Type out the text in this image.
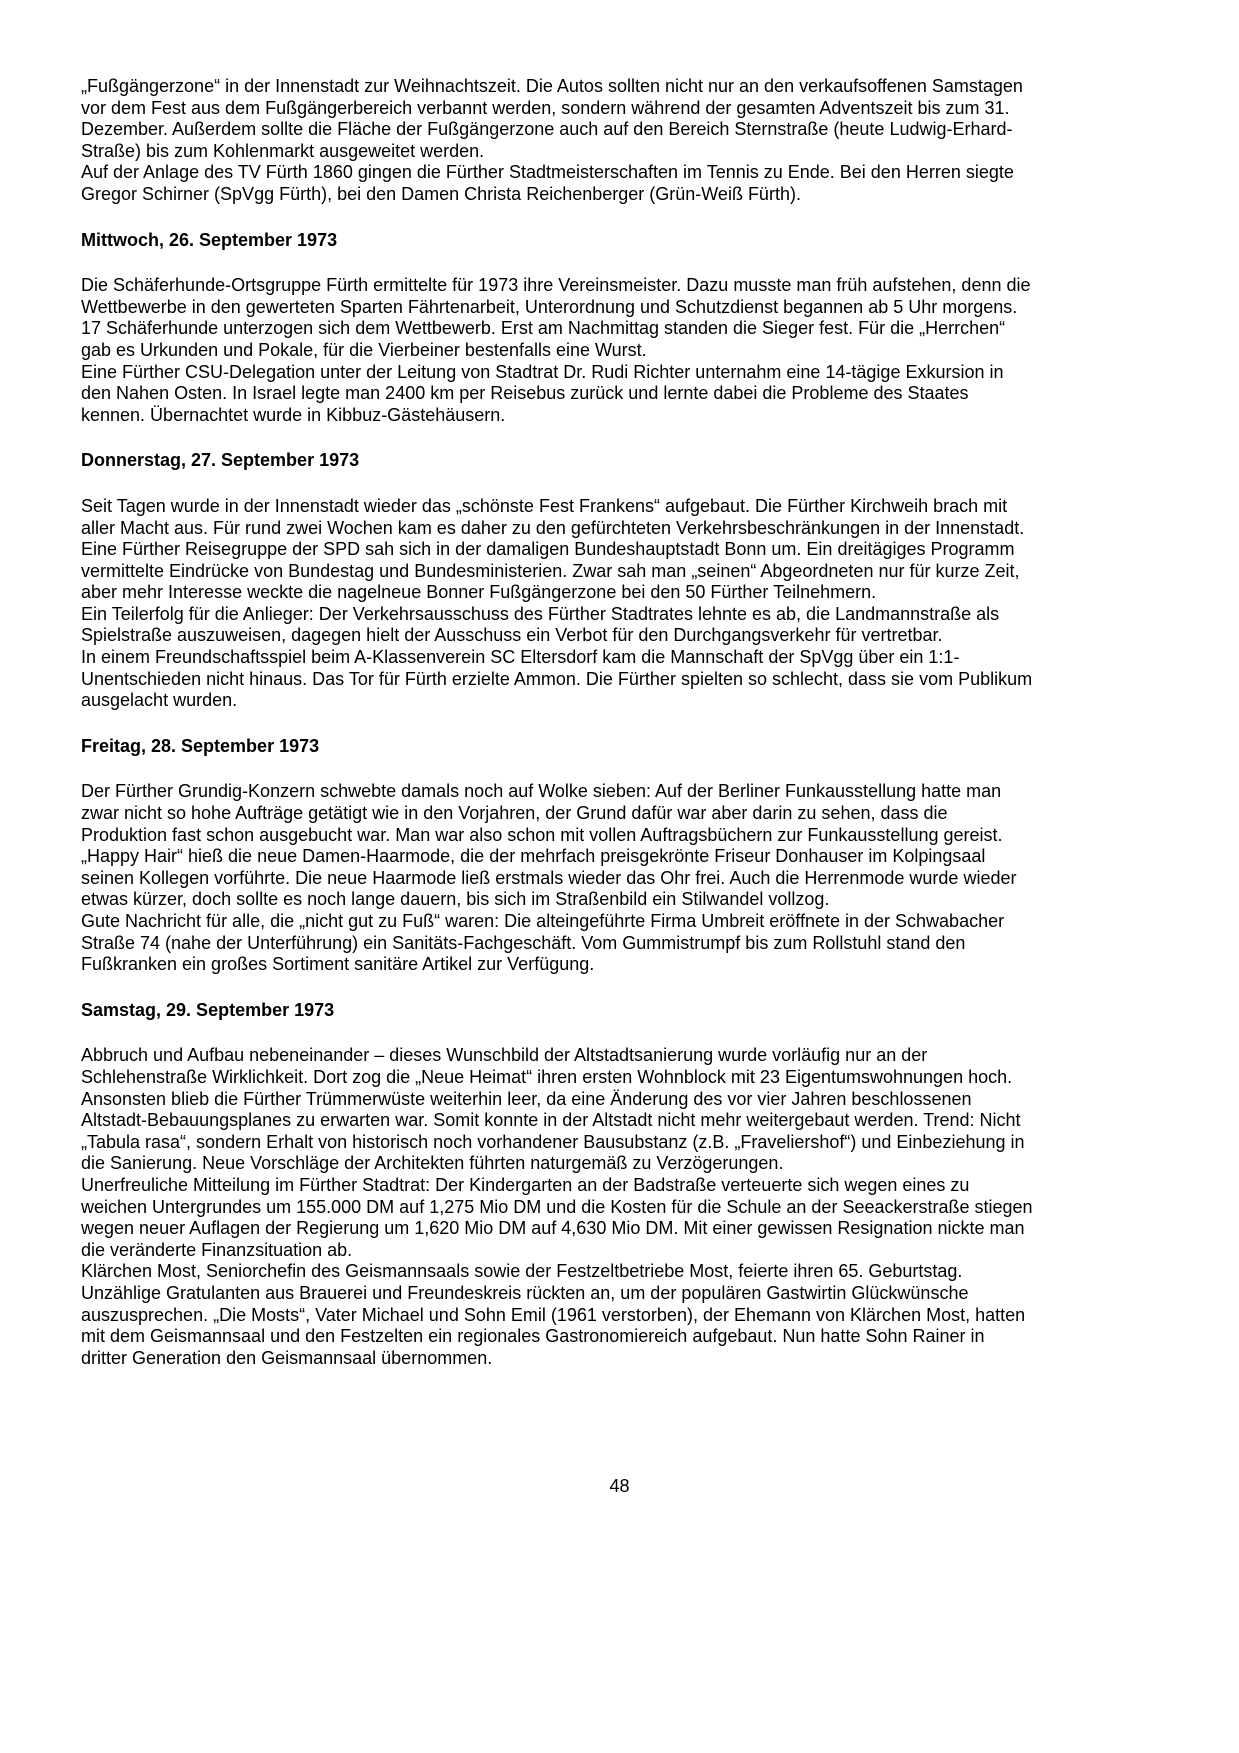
„Fußgängerzone“ in der Innenstadt zur Weihnachtszeit. Die Autos sollten nicht nur an den verkaufsoffenen Samstagen vor dem Fest aus dem Fußgängerbereich verbannt werden, sondern während der gesamten Adventszeit bis zum 31. Dezember. Außerdem sollte die Fläche der Fußgängerzone auch auf den Bereich Sternstraße (heute Ludwig-Erhard-Straße) bis zum Kohlenmarkt ausgeweitet werden.
Auf der Anlage des TV Fürth 1860 gingen die Fürther Stadtmeisterschaften im Tennis zu Ende. Bei den Herren siegte Gregor Schirner (SpVgg Fürth), bei den Damen Christa Reichenberger (Grün-Weiß Fürth).
Mittwoch, 26. September 1973
Die Schäferhunde-Ortsgruppe Fürth ermittelte für 1973 ihre Vereinsmeister. Dazu musste man früh aufstehen, denn die Wettbewerbe in den gewerteten Sparten Fährtenarbeit, Unterordnung und Schutzdienst begannen ab 5 Uhr morgens. 17 Schäferhunde unterzogen sich dem Wettbewerb. Erst am Nachmittag standen die Sieger fest. Für die „Herrchen“ gab es Urkunden und Pokale, für die Vierbeiner bestenfalls eine Wurst.
Eine Fürther CSU-Delegation unter der Leitung von Stadtrat Dr. Rudi Richter unternahm eine 14-tägige Exkursion in den Nahen Osten. In Israel legte man 2400 km per Reisebus zurück und lernte dabei die Probleme des Staates kennen. Übernachtet wurde in Kibbuz-Gästehäusern.
Donnerstag, 27. September 1973
Seit Tagen wurde in der Innenstadt wieder das „schönste Fest Frankens“ aufgebaut. Die Fürther Kirchweih brach mit aller Macht aus. Für rund zwei Wochen kam es daher zu den gefürchteten Verkehrsbeschränkungen in der Innenstadt.
Eine Fürther Reisegruppe der SPD sah sich in der damaligen Bundeshauptstadt Bonn um. Ein dreitägiges Programm vermittelte Eindrücke von Bundestag und Bundesministerien. Zwar sah man „seinen“ Abgeordneten nur für kurze Zeit, aber mehr Interesse weckte die nagelneue Bonner Fußgängerzone bei den 50 Fürther Teilnehmern.
Ein Teilerfolg für die Anlieger: Der Verkehrsausschuss des Fürther Stadtrates lehnte es ab, die Landmannstraße als Spielstraße auszuweisen, dagegen hielt der Ausschuss ein Verbot für den Durchgangsverkehr für vertretbar.
In einem Freundschaftsspiel beim A-Klassenverein SC Eltersdorf kam die Mannschaft der SpVgg über ein 1:1-Unentschieden nicht hinaus. Das Tor für Fürth erzielte Ammon. Die Fürther spielten so schlecht, dass sie vom Publikum ausgelacht wurden.
Freitag, 28. September 1973
Der Fürther Grundig-Konzern schwebte damals noch auf Wolke sieben: Auf der Berliner Funkausstellung hatte man zwar nicht so hohe Aufträge getätigt wie in den Vorjahren, der Grund dafür war aber darin zu sehen, dass die Produktion fast schon ausgebucht war. Man war also schon mit vollen Auftragsbüchern zur Funkausstellung gereist.
„Happy Hair“ hieß die neue Damen-Haarmode, die der mehrfach preisgekrönte Friseur Donhauser im Kolpingsaal seinen Kollegen vorführte. Die neue Haarmode ließ erstmals wieder das Ohr frei. Auch die Herrenmode wurde wieder etwas kürzer, doch sollte es noch lange dauern, bis sich im Straßenbild ein Stilwandel vollzog.
Gute Nachricht für alle, die „nicht gut zu Fuß“ waren: Die alteingeführte Firma Umbreit eröffnete in der Schwabacher Straße 74 (nahe der Unterführung) ein Sanitäts-Fachgeschäft. Vom Gummistrumpf bis zum Rollstuhl stand den Fußkranken ein großes Sortiment sanitäre Artikel zur Verfügung.
Samstag, 29. September 1973
Abbruch und Aufbau nebeneinander – dieses Wunschbild der Altstadtsanierung wurde vorläufig nur an der Schlehenstraße Wirklichkeit. Dort zog die „Neue Heimat“ ihren ersten Wohnblock mit 23 Eigentumswohnungen hoch. Ansonsten blieb die Fürther Trümmerwüste weiterhin leer, da eine Änderung des vor vier Jahren beschlossenen Altstadt-Bebauungsplanes zu erwarten war. Somit konnte in der Altstadt nicht mehr weitergebaut werden. Trend: Nicht „Tabula rasa“, sondern Erhalt von historisch noch vorhandener Bausubstanz (z.B. „Fraveliershof“) und Einbeziehung in die Sanierung. Neue Vorschläge der Architekten führten naturgemäß zu Verzögerungen.
Unerfreuliche Mitteilung im Fürther Stadtrat: Der Kindergarten an der Badstraße verteuerte sich wegen eines zu weichen Untergrundes um 155.000 DM auf 1,275 Mio DM und die Kosten für die Schule an der Seeackerstraße stiegen wegen neuer Auflagen der Regierung um 1,620 Mio DM auf 4,630 Mio DM. Mit einer gewissen Resignation nickte man die veränderte Finanzsituation ab.
Klärchen Most, Seniorchefin des Geismannsaals sowie der Festzeltbetriebe Most, feierte ihren 65. Geburtstag. Unzählige Gratulanten aus Brauerei und Freundeskreis rückten an, um der populären Gastwirtin Glückwünsche auszusprechen. „Die Mosts“, Vater Michael und Sohn Emil (1961 verstorben), der Ehemann von Klärchen Most, hatten mit dem Geismannsaal und den Festzelten ein regionales Gastronomiereich aufgebaut. Nun hatte Sohn Rainer in dritter Generation den Geismannsaal übernommen.
48
